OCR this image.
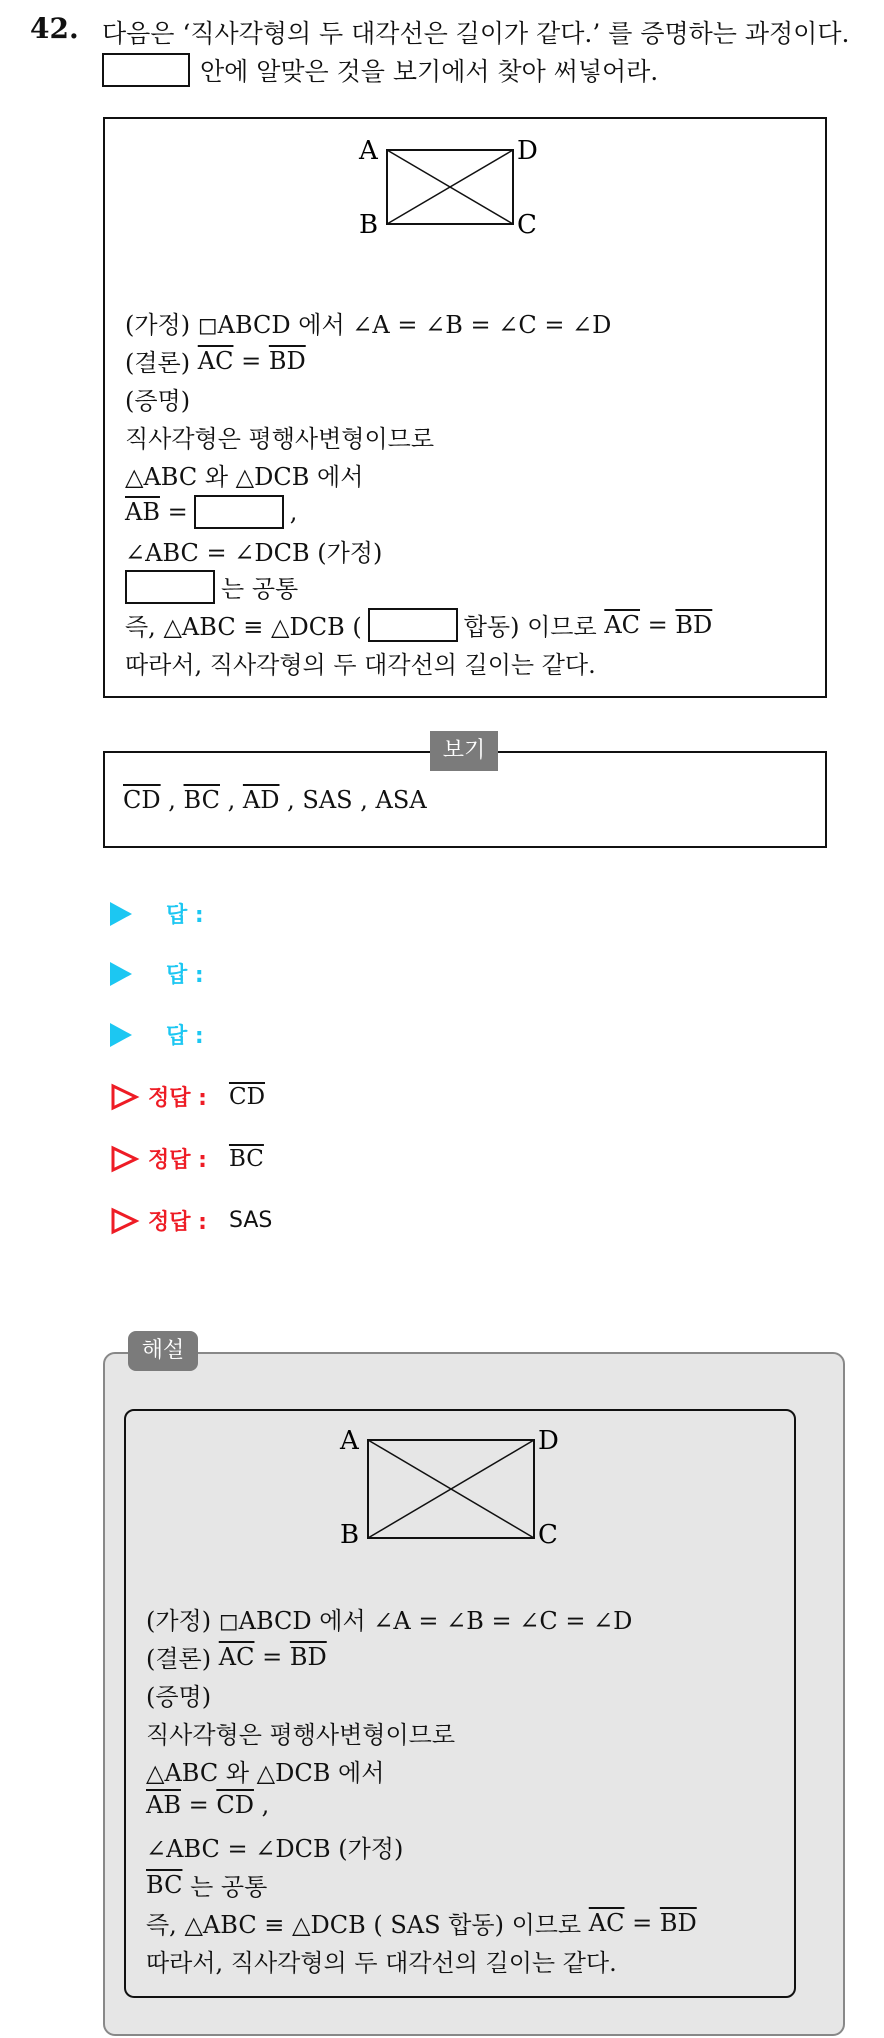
42. 다음은 ‘직사각형의 두 대각선은 길이가 같다.’ 를 증명하는 과정이다.
안에 알맞은 것을 보기에서 찾아 써넣어라.
A	D
B	C
(가정) ◻ABCD 에서 ∠A = ∠B = ∠C = ∠D
(결론)
$\overline{AC}$
=
$\overline{BD}$
(증명)
직사각형은 평행사변형이므로
△ABC 와 △DCB 에서
$\overline{AB}$
=	,
∠ABC = ∠DCB (가정)
는 공통
즉, △ABC ≡ △DCB (	합동) 이므로
$\overline{AC}$
=
$\overline{BD}$
따라서, 직사각형의 두 대각선의 길이는 같다.
보기
$\overline{CD}$ , $\overline{BC}$ , $\overline{AD}$ , SAS , ASA
답 :
답 :
답 :
정답 : $\overline{CD}$
정답 : $\overline{BC}$
정답 : SAS
해설
A	D
B	C
(가정) ◻ABCD 에서 ∠A = ∠B = ∠C = ∠D
(결론)
$\overline{AC}$
=
$\overline{BD}$
(증명)
직사각형은 평행사변형이므로
△ABC 와 △DCB 에서
$\overline{AB}$
=
$\overline{CD}$
,
∠ABC = ∠DCB (가정)
$\overline{BC}$
는 공통
즉, △ABC ≡ △DCB ( SAS 합동) 이므로
$\overline{AC}$
=
$\overline{BD}$
따라서, 직사각형의 두 대각선의 길이는 같다.
